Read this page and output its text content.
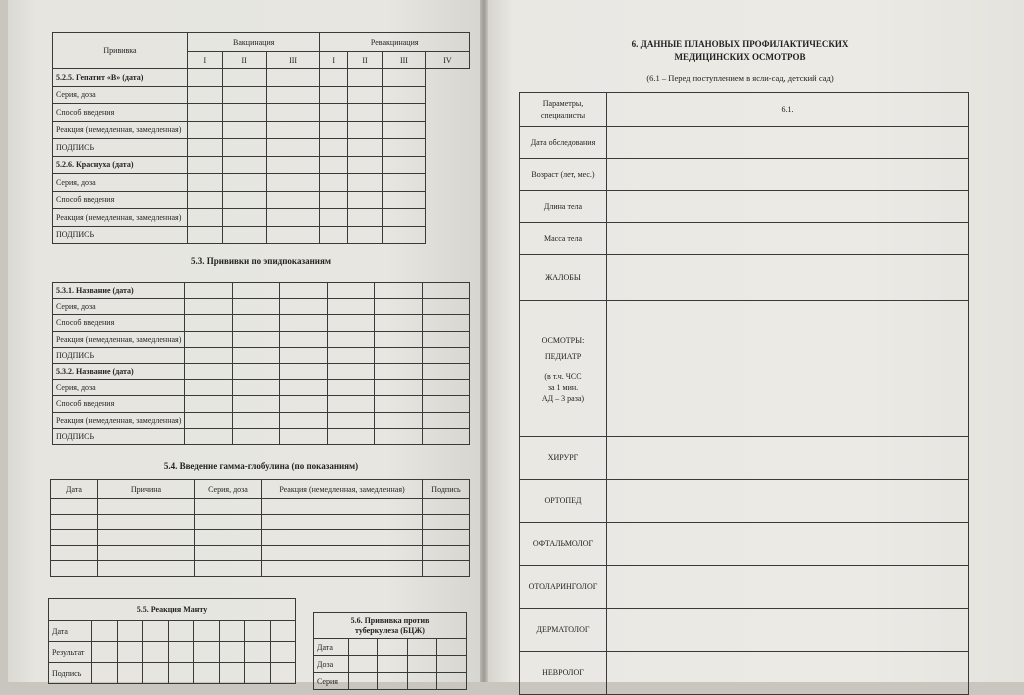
Прививка	Вакцинация			Ревакцинация			
	I	II	III	I	II	III	IV
5.2.5. Гепатит «В» (дата)							
Серия, доза							
Способ введения							
Реакция (немедленная, замедленная)							
ПОДПИСЬ							
5.2.6. Краснуха (дата)							
Серия, доза							
Способ введения							
Реакция (немедленная, замедленная)							
ПОДПИСЬ							
5.3. Прививки по эпидпоказаниям
5.3.1. Название (дата)						
Серия, доза						
Способ введения						
Реакция (немедленная, замедленная)						
ПОДПИСЬ						
5.3.2. Название (дата)						
Серия, доза						
Способ введения						
Реакция (немедленная, замедленная)						
ПОДПИСЬ						
5.4. Введение гамма-глобулина (по показаниям)
Дата	Причина	Серия, доза	Реакция (немедленная, замедленная)	Подпись

5.5. Реакция Манту								
Дата								
Результат								
Подпись								
5.6. Прививка против
туберкулеза (БЦЖ)				

Дата				
Доза				
Серия				
6. ДАННЫЕ ПЛАНОВЫХ ПРОФИЛАКТИЧЕСКИХ
МЕДИЦИНСКИХ ОСМОТРОВ
(6.1 – Перед поступлением в ясли-сад, детский сад)
Параметры, специалисты	6.1.
Дата обследования	
Возраст (лет, мес.)	
Длина тела	
Масса тела	
ЖАЛОБЫ	

ОСМОТРЫ:
ПЕДИАТР
(в т.ч. ЧСС
за 1 мин.
АД – 3 раза)	

ХИРУРГ	
ОРТОПЕД	
ОФТАЛЬМОЛОГ	
ОТОЛАРИНГОЛОГ	
ДЕРМАТОЛОГ	
НЕВРОЛОГ	
